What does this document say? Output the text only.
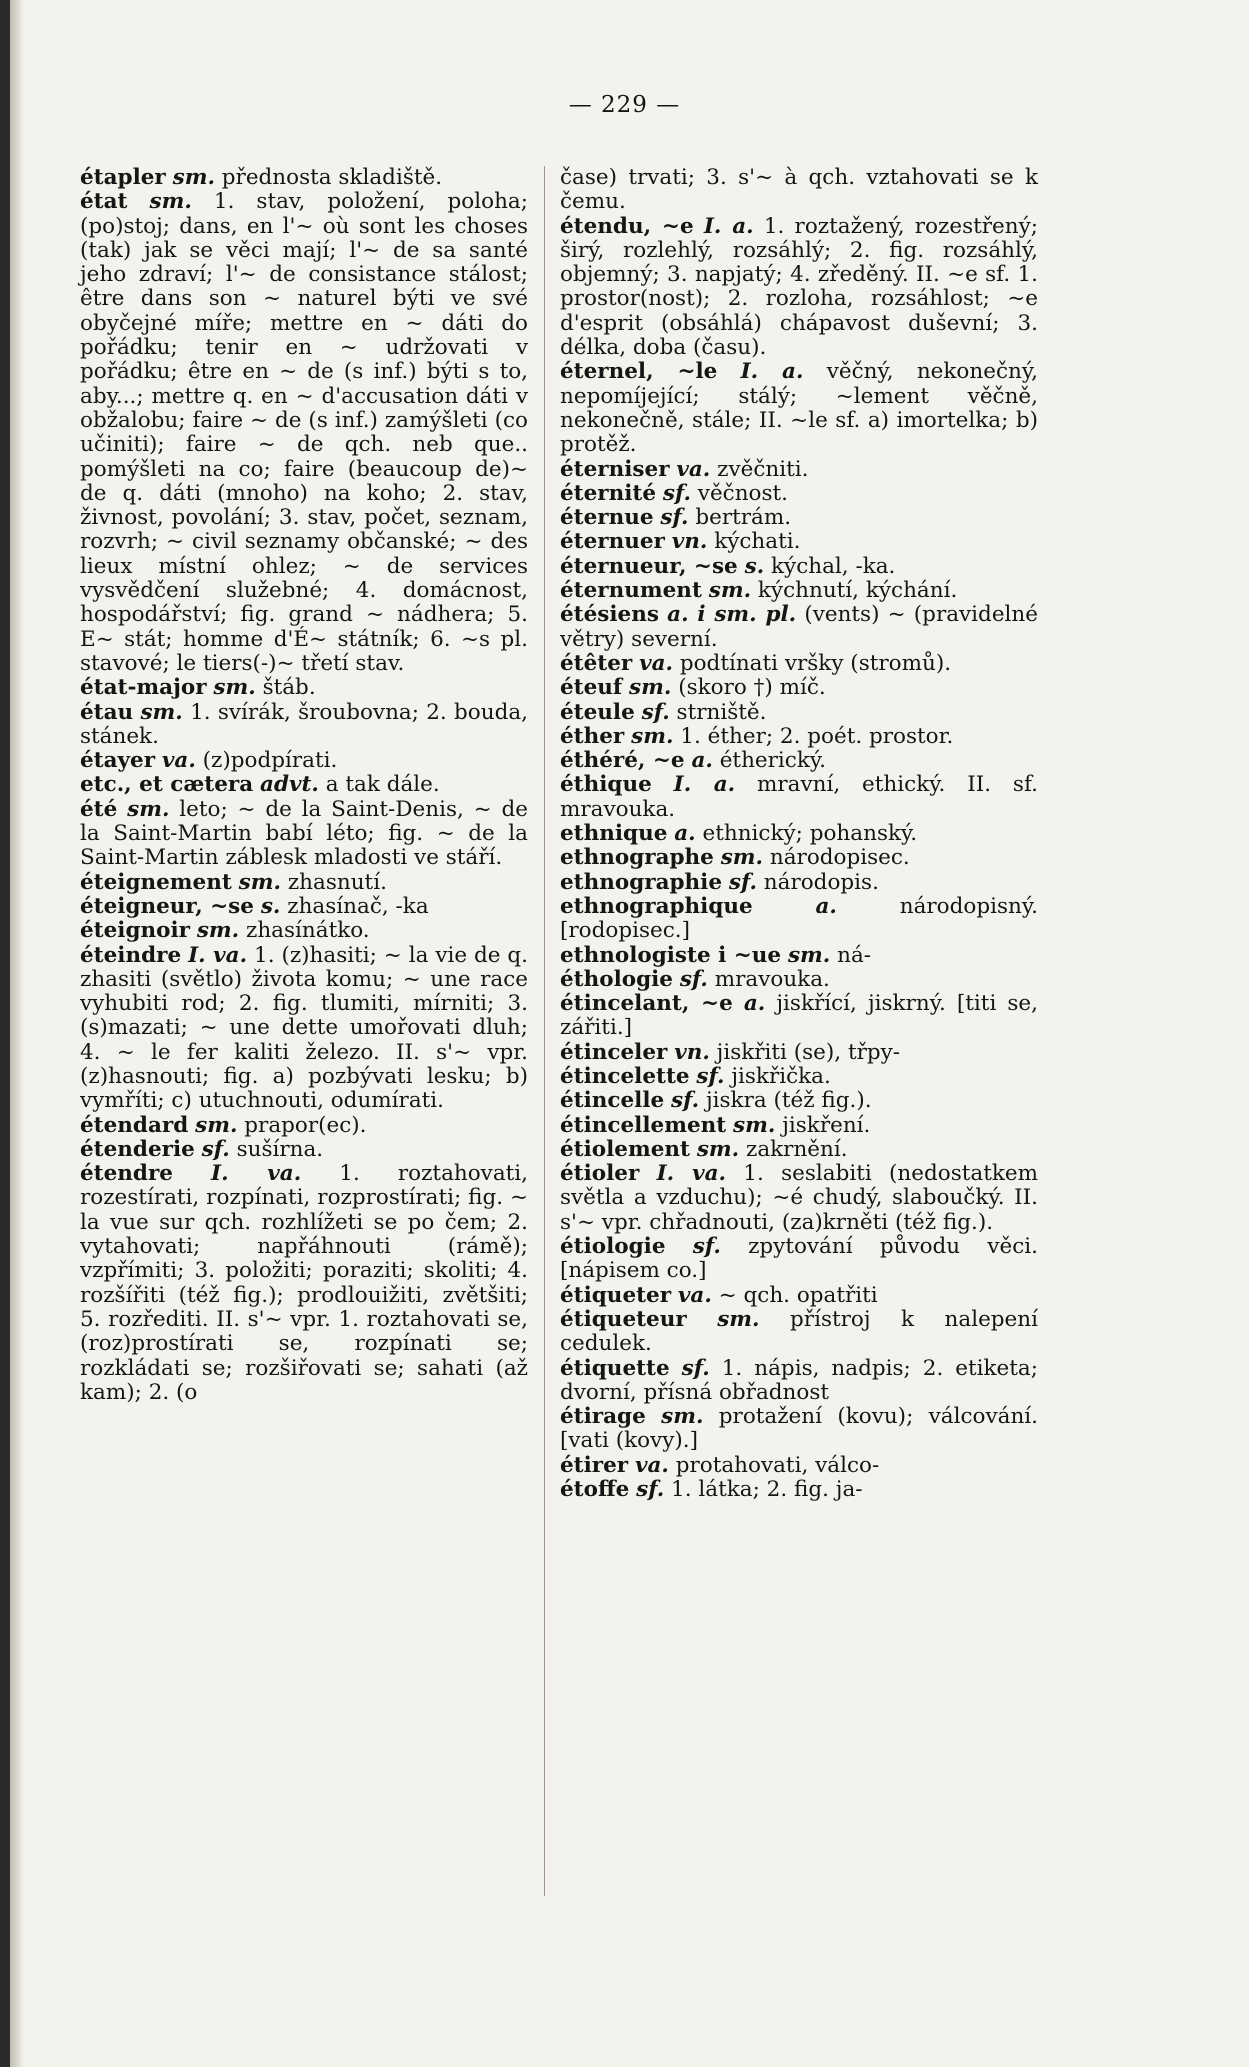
— 229 —

étapler sm. přednosta skladiště.

état sm. 1. stav, položení, poloha; (po)stoj; dans, en l'~ où sont les choses (tak) jak se věci mají; l'~ de sa santé jeho zdraví; l'~ de consistance stálost; être dans son ~ naturel býti ve své obyčejné míře; mettre en ~ dáti do pořádku; tenir en ~ udržovati v pořádku; être en ~ de (s inf.) býti s to, aby...; mettre q. en ~ d'accusation dáti v obžalobu; faire ~ de (s inf.) zamýšleti (co učiniti); faire ~ de qch. neb que.. pomýšleti na co; faire (beaucoup de)~ de q. dáti (mnoho) na koho; 2. stav, živnost, povolání; 3. stav, počet, seznam, rozvrh; ~ civil seznamy občanské; ~ des lieux místní ohlez; ~ de services vysvědčení služebné; 4. domácnost, hospodářství; fig. grand ~ nádhera; 5. E~ stát; homme d'É~ státník; 6. ~s pl. stavové; le tiers(-)~ třetí stav.

état-major sm. štáb.

étau sm. 1. svírák, šroubovna; 2. bouda, stánek.

étayer va. (z)podpírati.

etc., et cætera advt. a tak dále.

été sm. leto; ~ de la Saint-Denis, ~ de la Saint-Martin babí léto; fig. ~ de la Saint-Martin záblesk mladosti ve stáří.

éteignement sm. zhasnutí.

éteigneur, ~se s. zhasínač, -ka

éteignoir sm. zhasínátko.

éteindre I. va. 1. (z)hasiti; ~ la vie de q. zhasiti (světlo) života komu; ~ une race vyhubiti rod; 2. fig. tlumiti, mírniti; 3. (s)mazati; ~ une dette umořovati dluh; 4. ~ le fer kaliti železo. II. s'~ vpr. (z)hasnouti; fig. a) pozbývati lesku; b) vymříti; c) utuchnouti, odumírati.

étendard sm. prapor(ec).

étenderie sf. sušírna.

étendre I. va. 1. roztahovati, rozestírati, rozpínati, rozprostírati; fig. ~ la vue sur qch. rozhlížeti se po čem; 2. vytahovati; napřáhnouti (rámě); vzpřímiti; 3. položiti; poraziti; skoliti; 4. rozšířiti (též fig.); prodlouižiti, zvětšiti; 5. rozřediti. II. s'~ vpr. 1. roztahovati se, (roz)prostírati se, rozpínati se; rozkládati se; rozšiřovati se; sahati (až kam); 2. (o

čase) trvati; 3. s'~ à qch. vztahovati se k čemu.

étendu, ~e I. a. 1. roztažený, rozestřený; širý, rozlehlý, rozsáhlý; 2. fig. rozsáhlý, objemný; 3. napjatý; 4. zředěný. II. ~e sf. 1. prostor(nost); 2. rozloha, rozsáhlost; ~e d'esprit (obsáhlá) chápavost duševní; 3. délka, doba (času).

éternel, ~le I. a. věčný, nekonečný, nepomíjející; stálý; ~lement věčně, nekonečně, stále; II. ~le sf. a) imortelka; b) protěž.

éterniser va. zvěčniti.

éternité sf. věčnost.

éternue sf. bertrám.

éternuer vn. kýchati.

éternueur, ~se s. kýchal, -ka.

éternument sm. kýchnutí, kýchání.

étésiens a. i sm. pl. (vents) ~ (pravidelné větry) severní.

étêter va. podtínati vršky (stromů).

éteuf sm. (skoro †) míč.

éteule sf. strniště.

éther sm. 1. éther; 2. poét. prostor.

éthéré, ~e a. étherický.

éthique I. a. mravní, ethický. II. sf. mravouka.

ethnique a. ethnický; pohanský.

ethnographe sm. národopisec.

ethnographie sf. národopis.

ethnographique	a.	národopisný. [rodopisec.]

ethnologiste i ~ue sm. ná-

éthologie sf. mravouka.

étincelant, ~e a. jiskřící, jiskrný. [titi se, zářiti.]

étinceler vn. jiskřiti (se), třpy-

étincelette sf. jiskřička.

étincelle sf. jiskra (též fig.).

étincellement sm. jiskření.

étiolement sm. zakrnění.

étioler I. va. 1. seslabiti (nedostatkem světla a vzduchu); ~é chudý, slaboučký. II. s'~ vpr. chřadnouti, (za)krněti (též fig.).

étiologie sf. zpytování původu věci. [nápisem co.]

étiqueter va. ~ qch. opatřiti

étiqueteur sm. přístroj k nalepení cedulek.

étiquette sf. 1. nápis, nadpis; 2. etiketa; dvorní, přísná obřadnost

étirage sm. protažení (kovu); válcování. [vati (kovy).]

étirer va. protahovati, válco-

étoffe sf. 1. látka; 2. fig. ja-
